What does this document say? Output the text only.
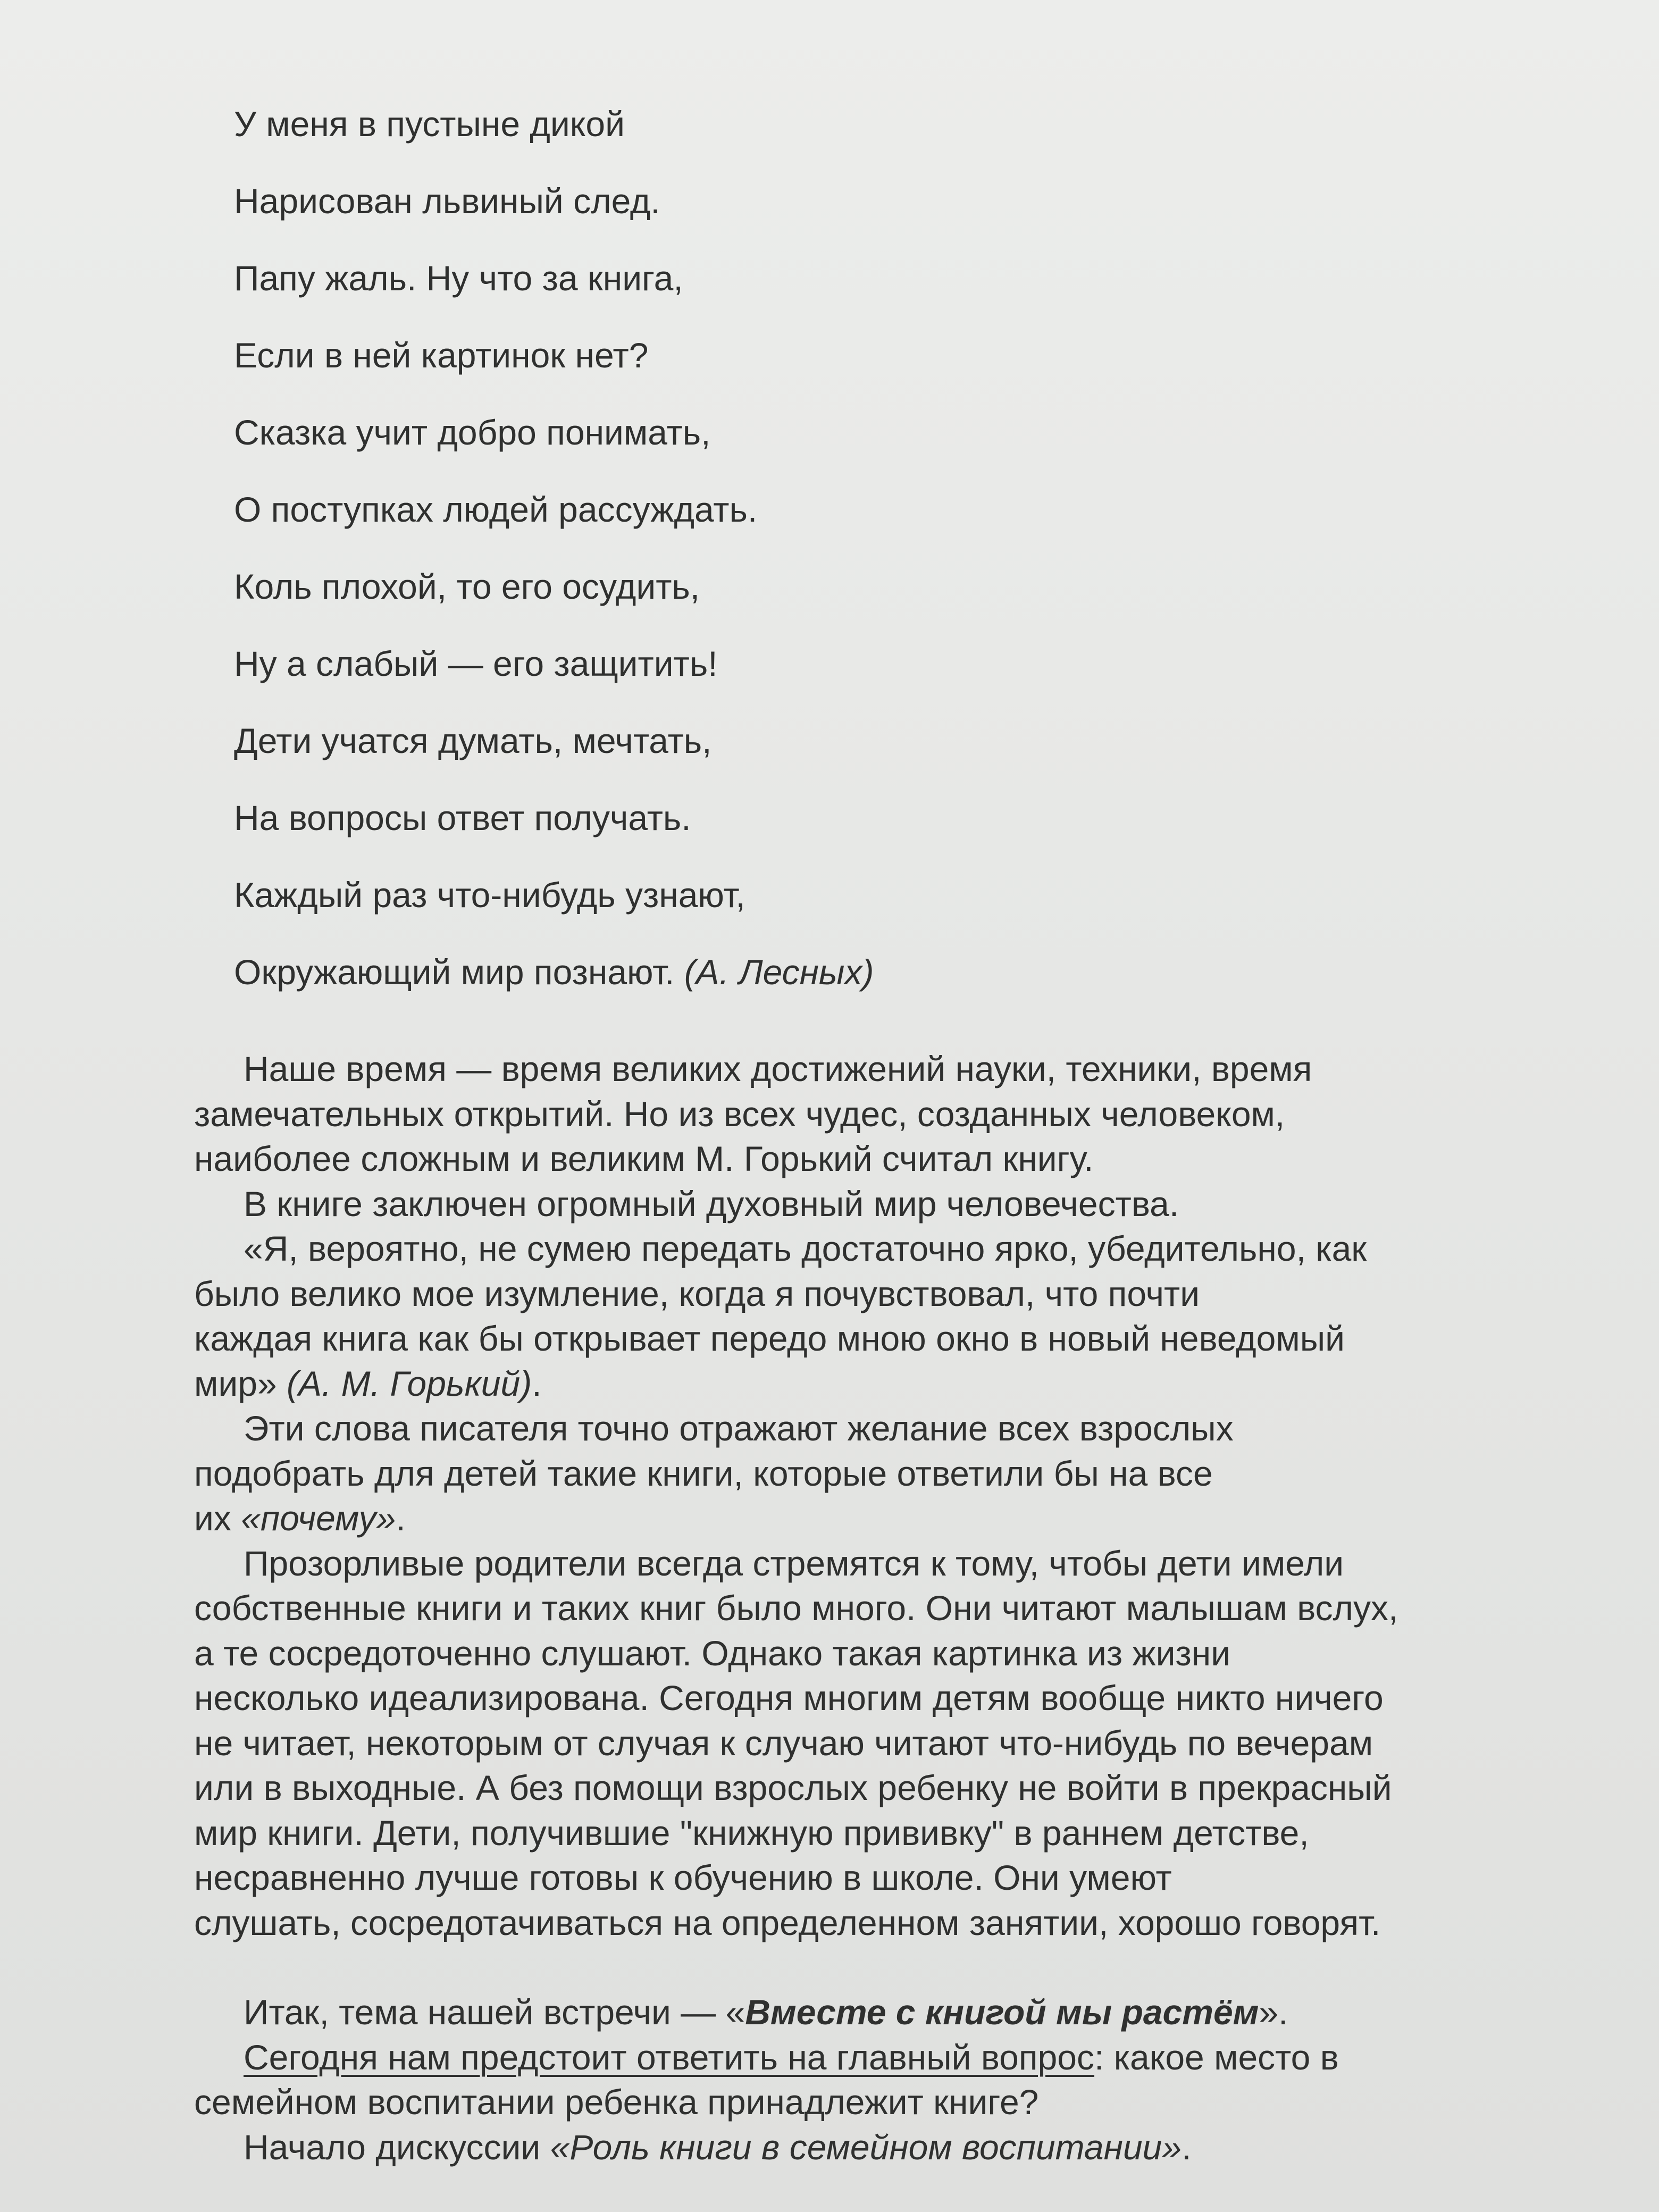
У меня в пустыне дикой
Нарисован львиный след.
Папу жаль. Ну что за книга,
Если в ней картинок нет?
Сказка учит добро понимать,
О поступках людей рассуждать.
Коль плохой, то его осудить,
Ну а слабый — его защитить!
Дети учатся думать, мечтать,
На вопросы ответ получать.
Каждый раз что-нибудь узнают,
Окружающий мир познают. (А. Лесных)

Наше время — время великих достижений науки, техники, время
замечательных открытий. Но из всех чудес, созданных человеком,
наиболее сложным и великим М. Горький считал книгу.

В книге заключен огромный духовный мир человечества.

«Я, вероятно, не сумею передать достаточно ярко, убедительно, как
было велико мое изумление, когда я почувствовал, что почти
каждая книга как бы открывает передо мною окно в новый неведомый
мир» (А. М. Горький).

Эти слова писателя точно отражают желание всех взрослых
подобрать для детей такие книги, которые ответили бы на все
их «почему».

Прозорливые родители всегда стремятся к тому, чтобы дети имели
собственные книги и таких книг было много. Они читают малышам вслух,
а те сосредоточенно слушают. Однако такая картинка из жизни
несколько идеализирована. Сегодня многим детям вообще никто ничего
не читает, некоторым от случая к случаю читают что-нибудь по вечерам
или в выходные. А без помощи взрослых ребенку не войти в прекрасный
мир книги. Дети, получившие "книжную прививку" в раннем детстве,
несравненно лучше готовы к обучению в школе. Они умеют
слушать, сосредотачиваться на определенном занятии, хорошо говорят.

Итак, тема нашей встречи — «Вместе с книгой мы растём».

Сегодня нам предстоит ответить на главный вопрос: какое место в
семейном воспитании ребенка принадлежит книге?

Начало дискуссии «Роль книги в семейном воспитании».
